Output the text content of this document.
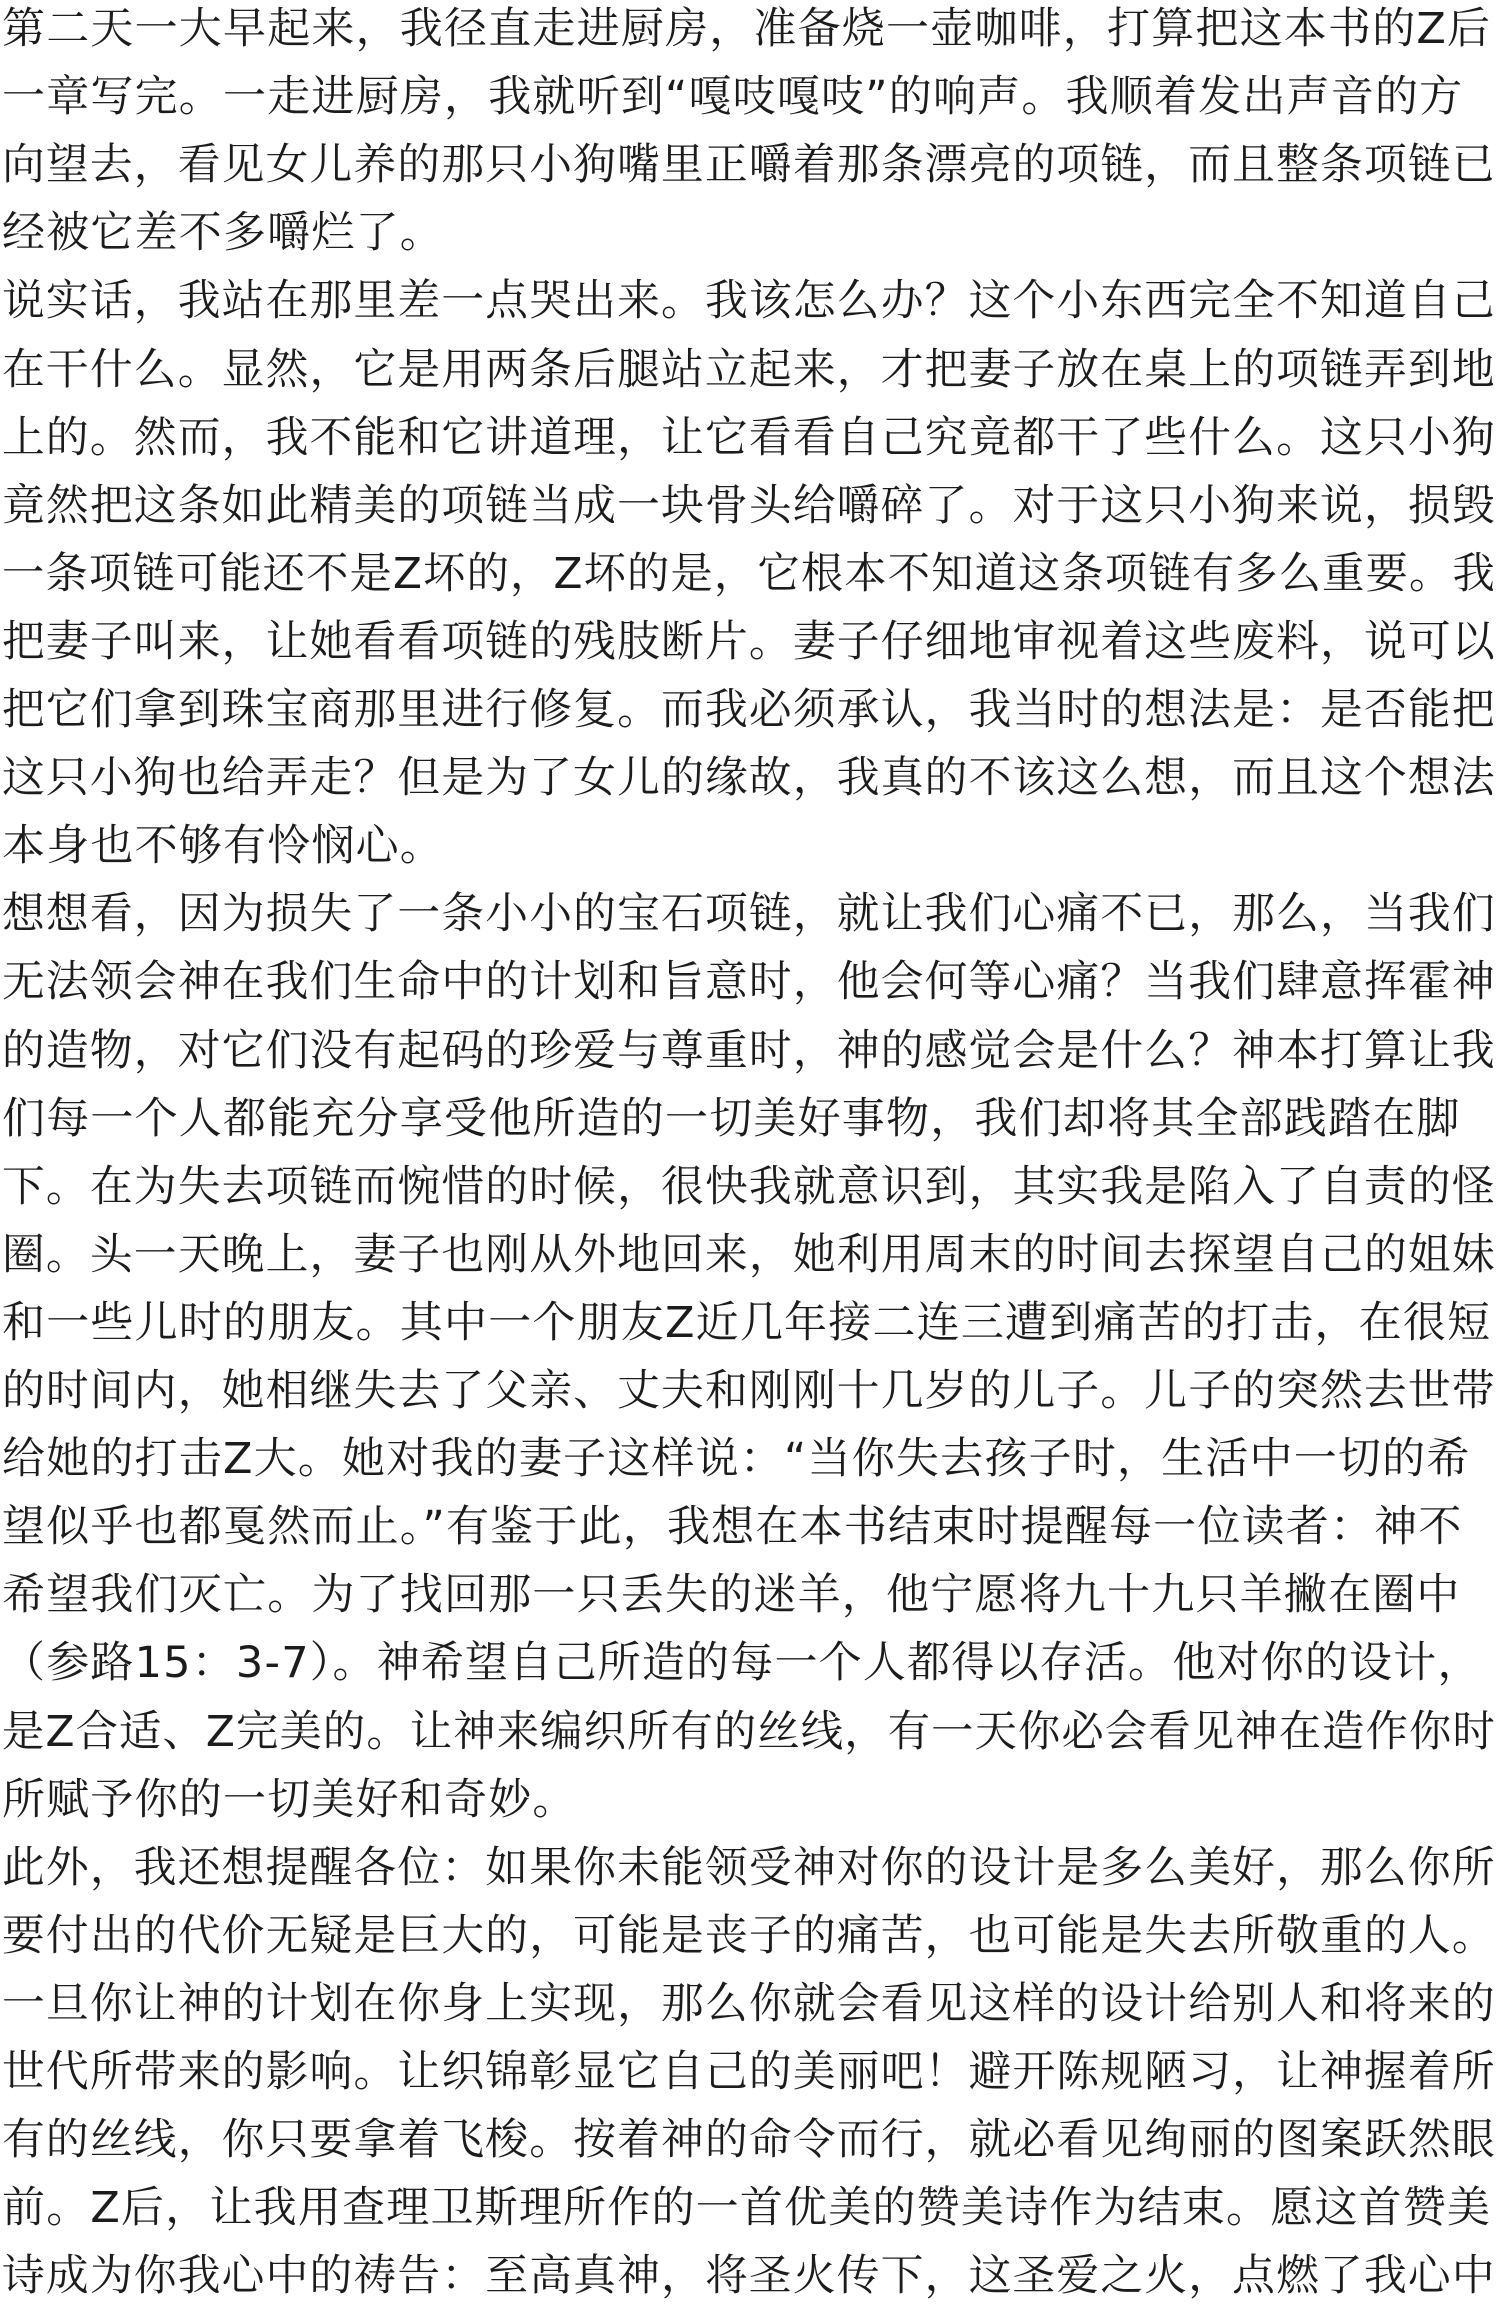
第二天一大早起来，我径直走进厨房，准备烧一壶咖啡，打算把这本书的Z后

一章写完。一走进厨房，我就听到“嘎吱嘎吱”的响声。我顺着发出声音的方

向望去，看见女儿养的那只小狗嘴里正嚼着那条漂亮的项链，而且整条项链已

经被它差不多嚼烂了。

说实话，我站在那里差一点哭出来。我该怎么办？这个小东西完全不知道自己

在干什么。显然，它是用两条后腿站立起来，才把妻子放在桌上的项链弄到地

上的。然而，我不能和它讲道理，让它看看自己究竟都干了些什么。这只小狗

竟然把这条如此精美的项链当成一块骨头给嚼碎了。对于这只小狗来说，损毁

一条项链可能还不是Z坏的，Z坏的是，它根本不知道这条项链有多么重要。我

把妻子叫来，让她看看项链的残肢断片。妻子仔细地审视着这些废料，说可以

把它们拿到珠宝商那里进行修复。而我必须承认，我当时的想法是：是否能把

这只小狗也给弄走？但是为了女儿的缘故，我真的不该这么想，而且这个想法

本身也不够有怜悯心。

想想看，因为损失了一条小小的宝石项链，就让我们心痛不已，那么，当我们

无法领会神在我们生命中的计划和旨意时，他会何等心痛？当我们肆意挥霍神

的造物，对它们没有起码的珍爱与尊重时，神的感觉会是什么？神本打算让我

们每一个人都能充分享受他所造的一切美好事物，我们却将其全部践踏在脚

下。在为失去项链而惋惜的时候，很快我就意识到，其实我是陷入了自责的怪

圈。头一天晚上，妻子也刚从外地回来，她利用周末的时间去探望自己的姐妹

和一些儿时的朋友。其中一个朋友Z近几年接二连三遭到痛苦的打击，在很短

的时间内，她相继失去了父亲、丈夫和刚刚十几岁的儿子。儿子的突然去世带

给她的打击Z大。她对我的妻子这样说：“当你失去孩子时，生活中一切的希

望似乎也都戛然而止。”有鉴于此，我想在本书结束时提醒每一位读者：神不

希望我们灭亡。为了找回那一只丢失的迷羊，他宁愿将九十九只羊撇在圈中

（参路15：3-7）。神希望自己所造的每一个人都得以存活。他对你的设计，

是Z合适、Z完美的。让神来编织所有的丝线，有一天你必会看见神在造作你时

所赋予你的一切美好和奇妙。

此外，我还想提醒各位：如果你未能领受神对你的设计是多么美好，那么你所

要付出的代价无疑是巨大的，可能是丧子的痛苦，也可能是失去所敬重的人。

一旦你让神的计划在你身上实现，那么你就会看见这样的设计给别人和将来的

世代所带来的影响。让织锦彰显它自己的美丽吧！避开陈规陋习，让神握着所

有的丝线，你只要拿着飞梭。按着神的命令而行，就必看见绚丽的图案跃然眼

前。Z后，让我用查理卫斯理所作的一首优美的赞美诗作为结束。愿这首赞美

诗成为你我心中的祷告：至高真神，将圣火传下，这圣爱之火，点燃了我心中
